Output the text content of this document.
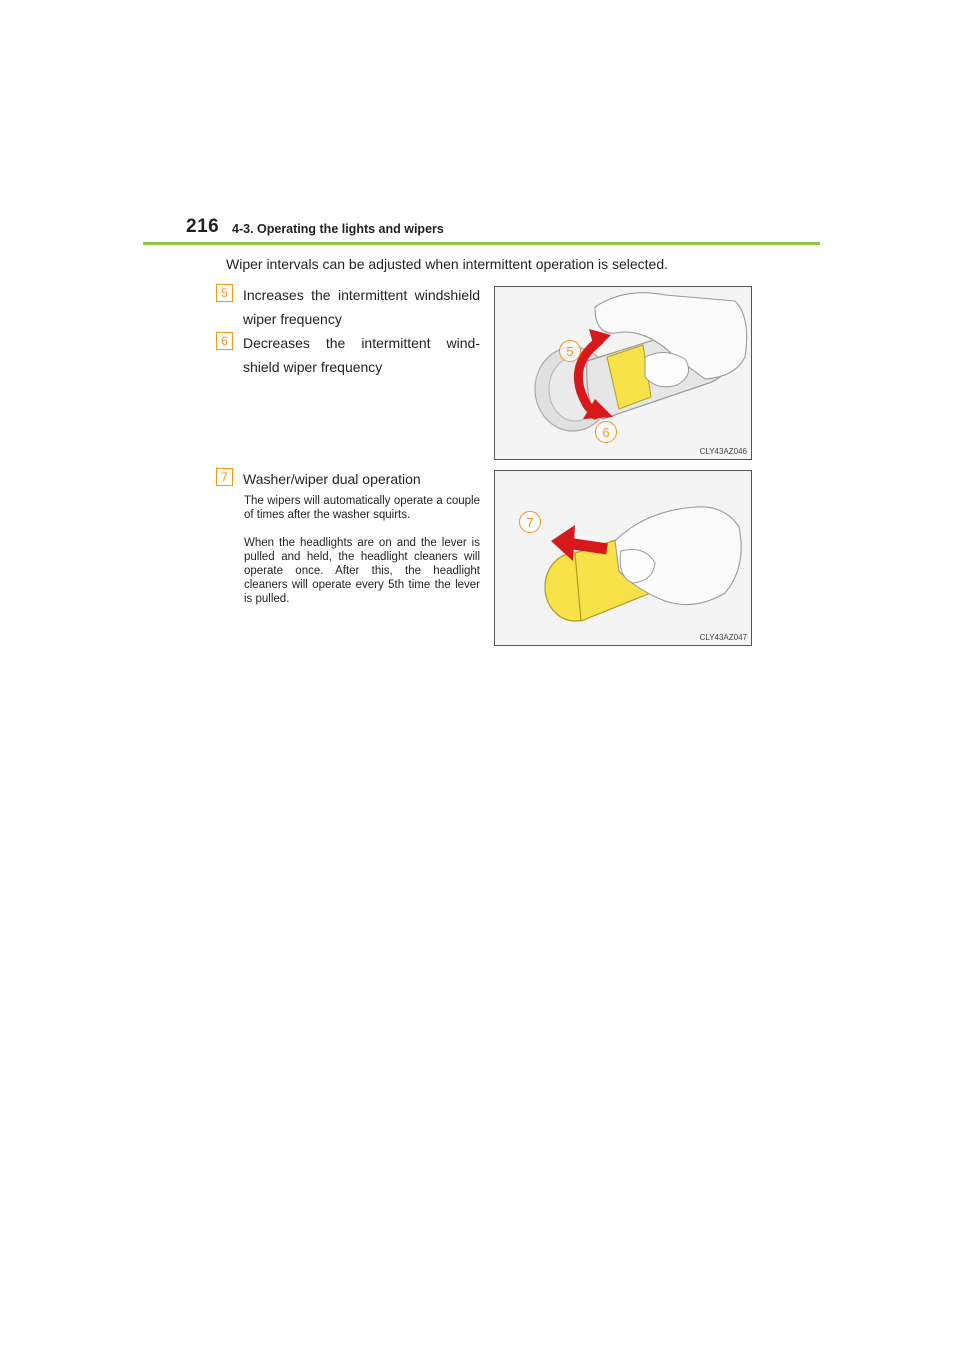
216 4-3. Operating the lights and wipers
Wiper intervals can be adjusted when intermittent operation is selected.
5	Increases the intermittent windshield wiper frequency
6	Decreases the intermittent wind-shield wiper frequency
7	Washer/wiper dual operation
The wipers will automatically operate a couple of times after the washer squirts.
When the headlights are on and the lever is pulled and held, the headlight cleaners will operate once. After this, the headlight cleaners will operate every 5th time the lever is pulled.
5
6
CLY43AZ046
7
CLY43AZ047
